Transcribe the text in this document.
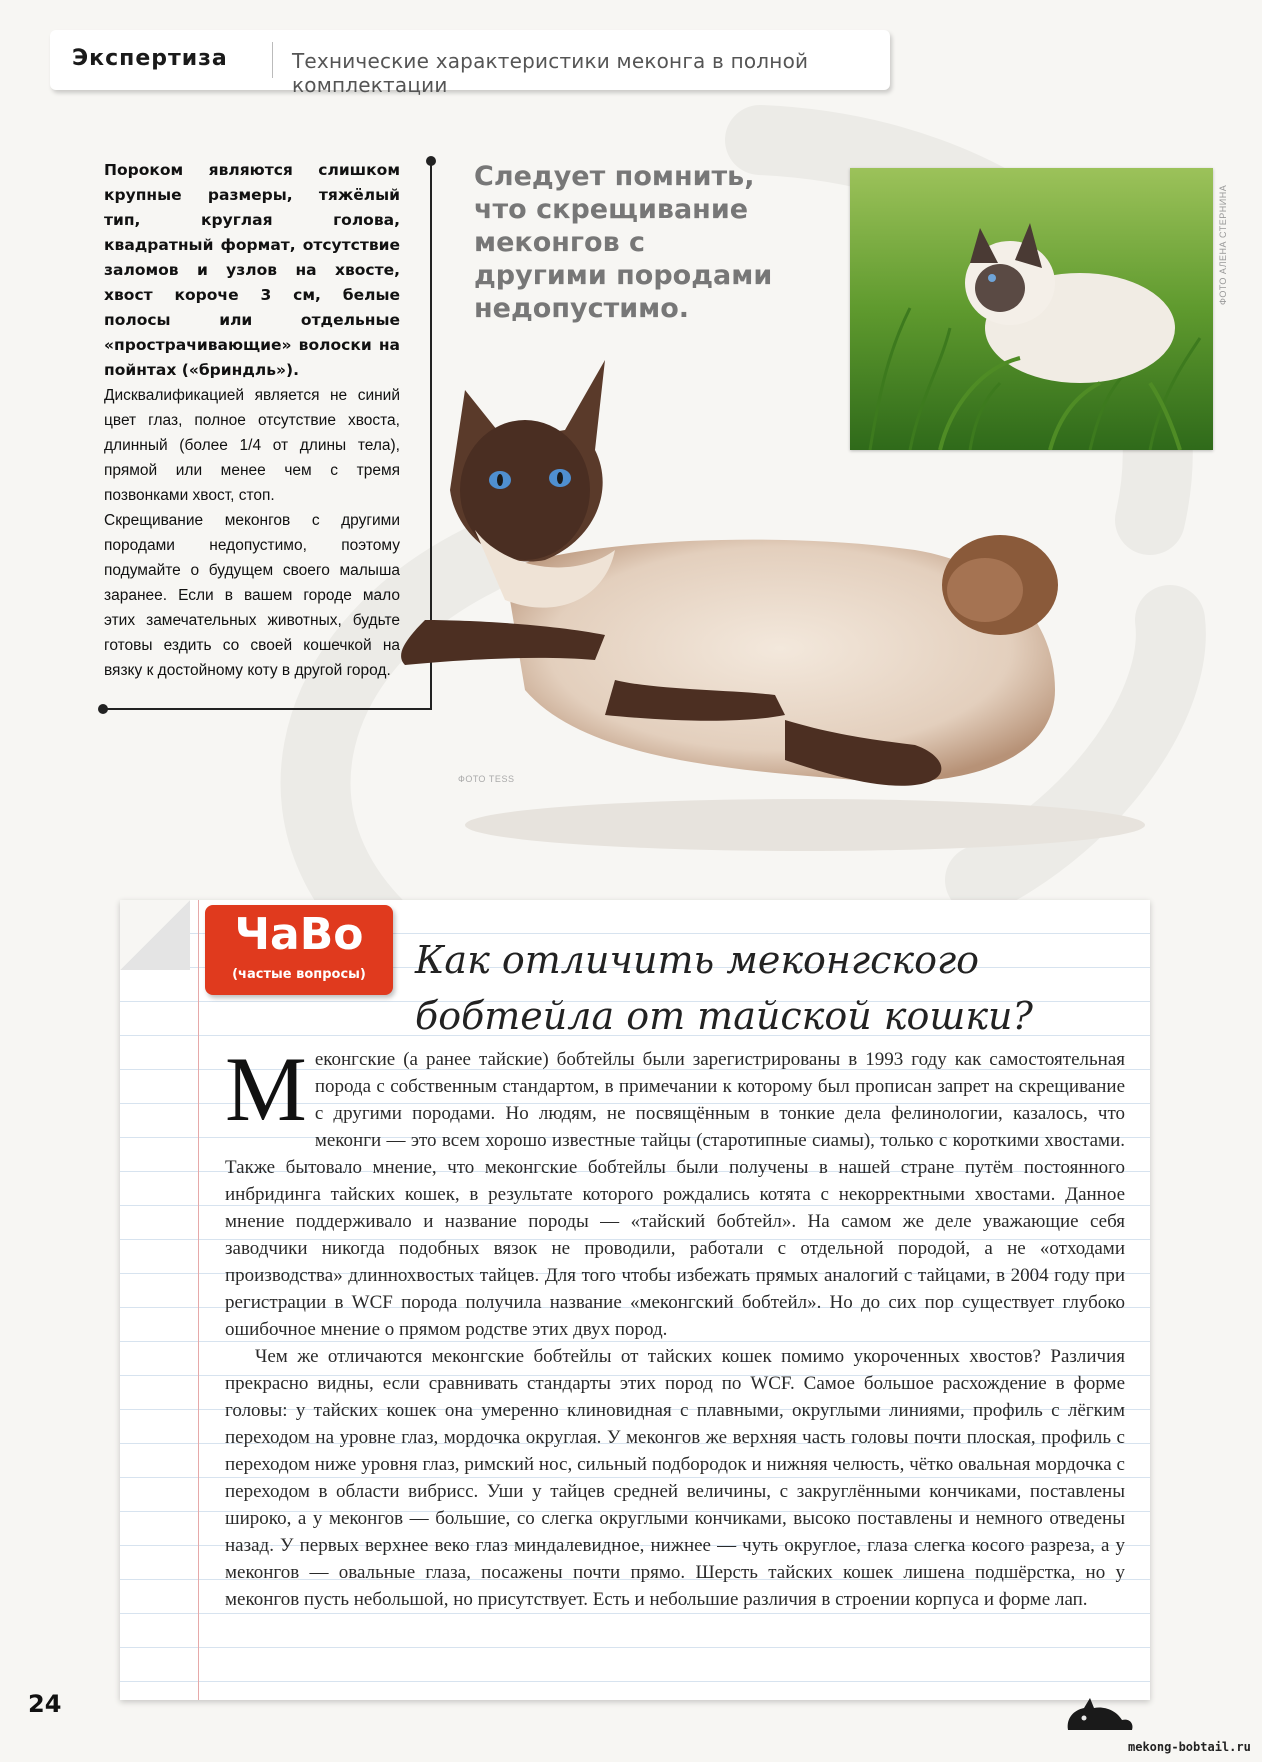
Экспертиза	Технические характеристики меконга в полной комплектации

Пороком являются слишком крупные размеры, тяжёлый тип, круглая голова, квадратный формат, отсутствие заломов и узлов на хвосте, хвост короче 3 см, белые полосы или отдельные «прострачивающие» волоски на пойнтах («бриндль»).

Дисквалификацией является не синий цвет глаз, полное отсутствие хвоста, длинный (более 1/4 от длины тела), прямой или менее чем с тремя позвонками хвост, стоп.

Скрещивание меконгов с другими породами недопустимо, поэтому подумайте о будущем своего малыша заранее. Если в вашем городе мало этих замечательных животных, будьте готовы ездить со своей кошечкой на вязку к достойному коту в другой город.

Следует помнить, что скрещивание меконгов с другими породами недопустимо.
ФОТО АЛЕНА СТЕРНИНА
ФОТО TESS
ЧаВо
(частые вопросы)	Как отличить меконгского бобтейла от тайской кошки?

М еконгские (а ранее тайские) бобтейлы были зарегистрированы в 1993 году как самостоятельная порода с собственным стандартом, в примечании к которому был прописан запрет на скрещивание с другими породами. Но людям, не посвящённым в тонкие дела фелинологии, казалось, что меконги — это всем хорошо известные тайцы (старотипные сиамы), только с короткими хвостами. Также бытовало мнение, что меконгские бобтейлы были получены в нашей стране путём постоянного инбридинга тайских кошек, в результате которого рождались котята с некорректными хвостами. Данное мнение поддерживало и название породы — «тайский бобтейл». На самом же деле уважающие себя заводчики никогда подобных вязок не проводили, работали с отдельной породой, а не «отходами производства» длиннохвостых тайцев. Для того чтобы избежать прямых аналогий с тайцами, в 2004 году при регистрации в WCF порода получила название «меконгский бобтейл». Но до сих пор существует глубоко ошибочное мнение о прямом родстве этих двух пород.

Чем же отличаются меконгские бобтейлы от тайских кошек помимо укороченных хвостов? Различия прекрасно видны, если сравнивать стандарты этих пород по WCF. Самое большое расхождение в форме головы: у тайских кошек она умеренно клиновидная с плавными, округлыми линиями, профиль с лёгким переходом на уровне глаз, мордочка округлая. У меконгов же верхняя часть головы почти плоская, профиль с переходом ниже уровня глаз, римский нос, сильный подбородок и нижняя челюсть, чётко овальная мордочка с переходом в области вибрисс. Уши у тайцев средней величины, с закруглёнными кончиками, поставлены широко, а у меконгов — большие, со слегка округлыми кончиками, высоко поставлены и немного отведены назад. У первых верхнее веко глаз миндалевидное, нижнее — чуть округлое, глаза слегка косого разреза, а у меконгов — овальные глаза, посажены почти прямо. Шерсть тайских кошек лишена подшёрстка, но у меконгов пусть небольшой, но присутствует. Есть и небольшие различия в строении корпуса и форме лап.

24
mekong-bobtail.ru
